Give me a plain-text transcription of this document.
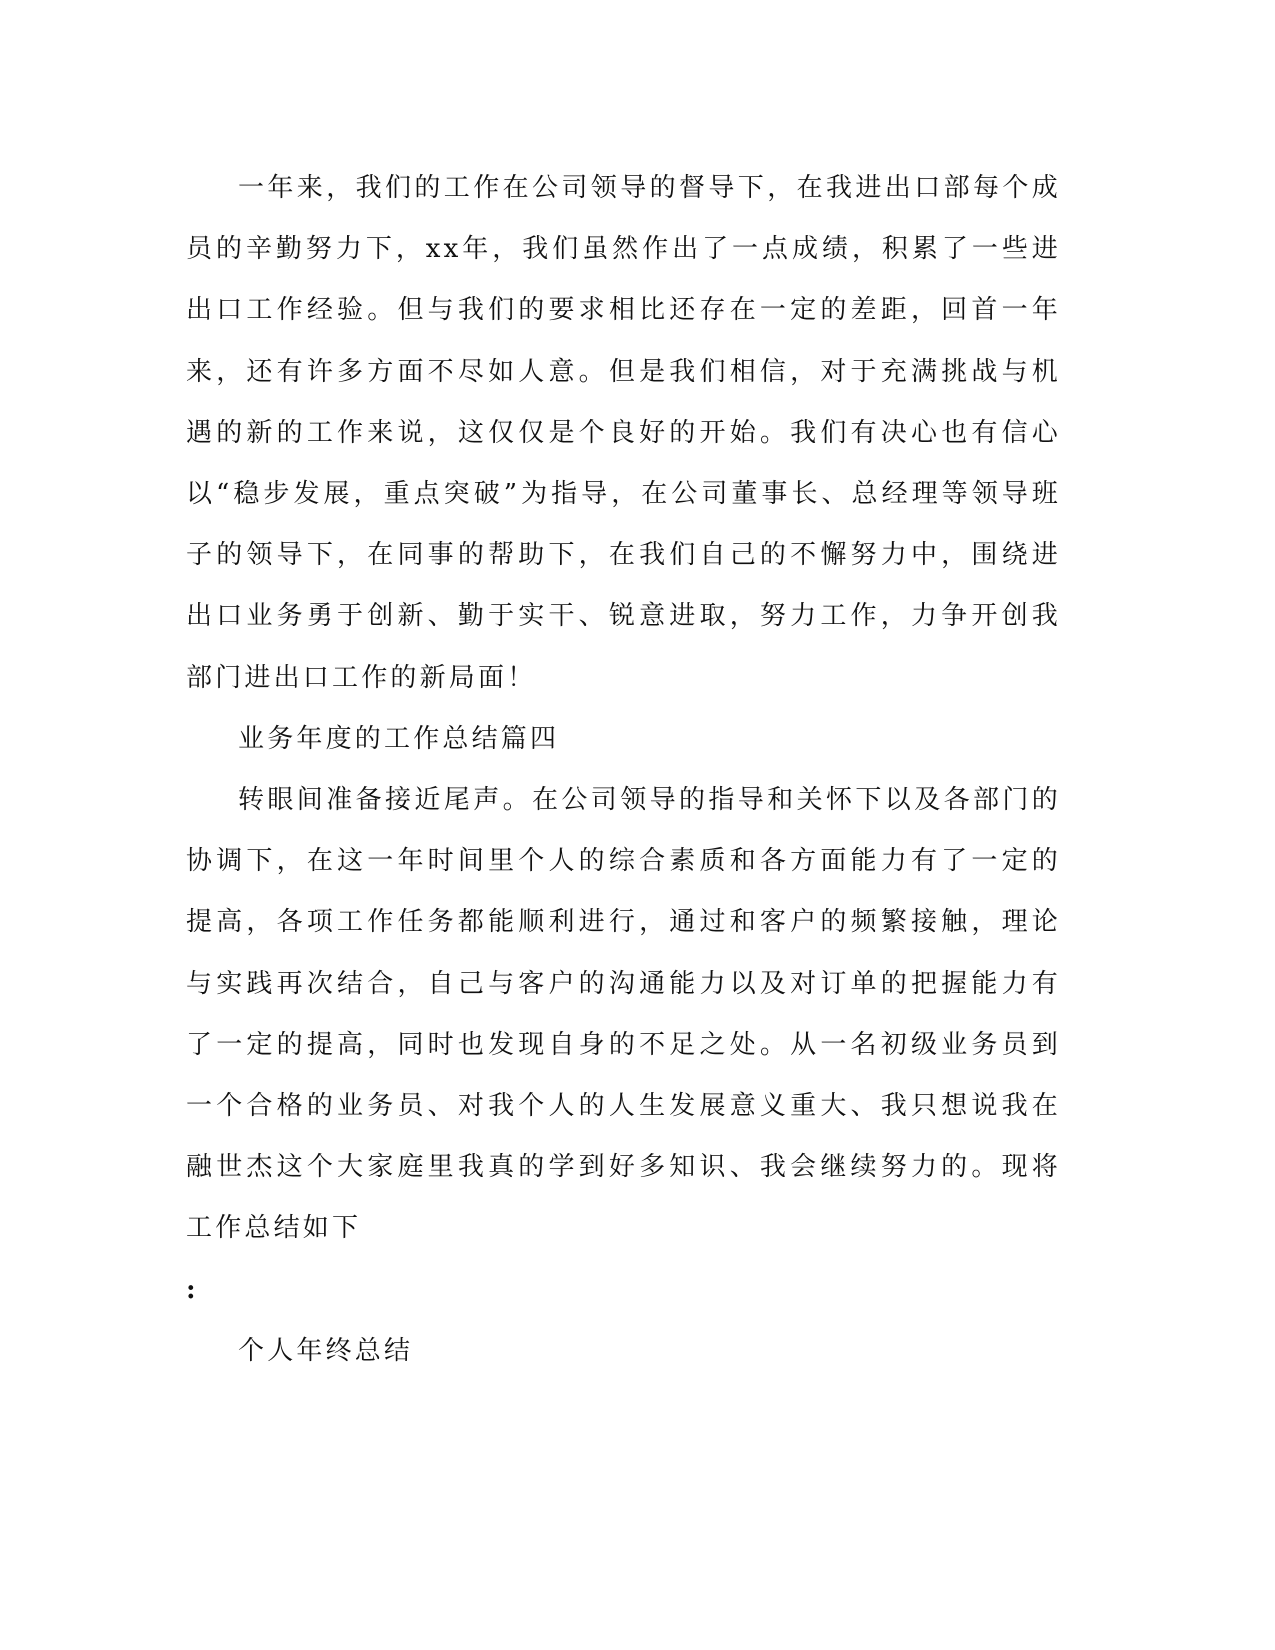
一年来，我们的工作在公司领导的督导下，在我进出口部每个成员的辛勤努力下，xx年，我们虽然作出了一点成绩，积累了一些进出口工作经验。但与我们的要求相比还存在一定的差距，回首一年来，还有许多方面不尽如人意。但是我们相信，对于充满挑战与机遇的新的工作来说，这仅仅是个良好的开始。我们有决心也有信心以“稳步发展，重点突破”为指导，在公司董事长、总经理等领导班子的领导下，在同事的帮助下，在我们自己的不懈努力中，围绕进出口业务勇于创新、勤于实干、锐意进取，努力工作，力争开创我部门进出口工作的新局面！

业务年度的工作总结篇四

转眼间准备接近尾声。在公司领导的指导和关怀下以及各部门的协调下，在这一年时间里个人的综合素质和各方面能力有了一定的提高，各项工作任务都能顺利进行，通过和客户的频繁接触，理论与实践再次结合，自己与客户的沟通能力以及对订单的把握能力有了一定的提高，同时也发现自身的不足之处。从一名初级业务员到一个合格的业务员、对我个人的人生发展意义重大、我只想说我在融世杰这个大家庭里我真的学到好多知识、我会继续努力的。现将工作总结如下

:

个人年终总结
